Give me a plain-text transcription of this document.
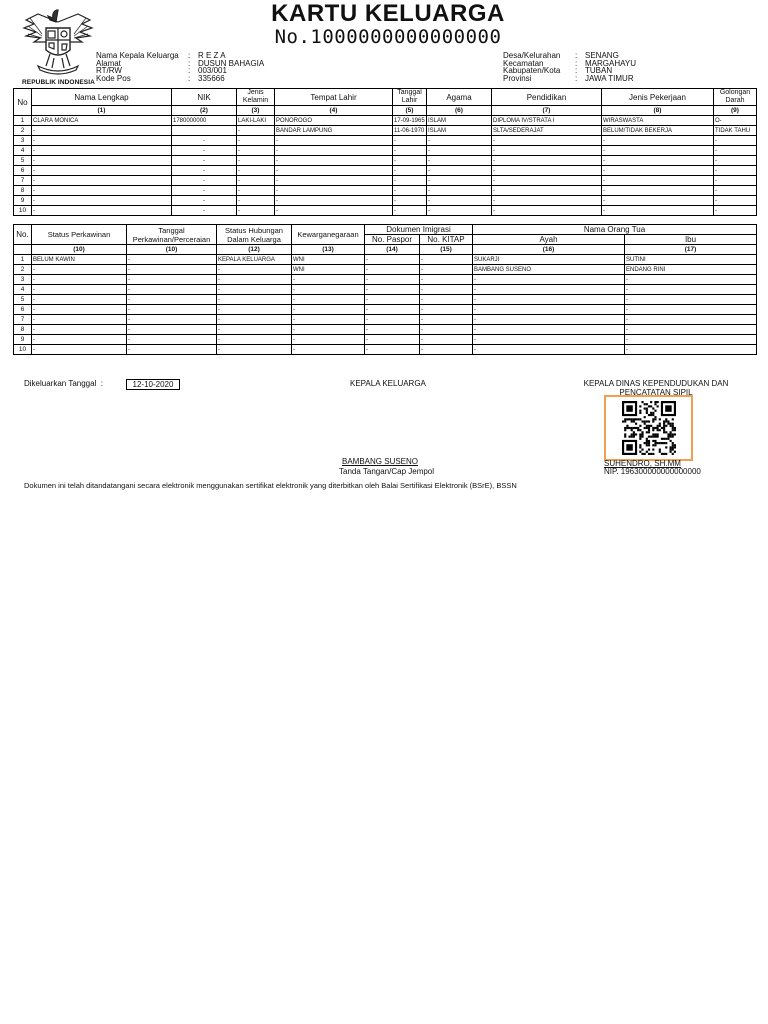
REPUBLIK INDONESIA
KARTU KELUARGA
No.1000000000000000
Nama Kepala Keluarga	: R E Z A
Alamat	: DUSUN BAHAGIA
RT/RW	: 003/001
Kode Pos	: 335666
Desa/Kelurahan	: SENANG
Kecamatan	: MARGAHAYU
Kabupaten/Kota	: TUBAN
Provinsi	: JAWA TIMUR
No	Nama Lengkap	NIK	Jenis Kelamin	Tempat Lahir	Tanggal Lahir	Agama	Pendidikan	Jenis Pekerjaan	Golongan Darah
	(1)	(2)	(3)	(4)	(5)	(6)	(7)	(8)	(9)
1	CLARA MONICA	1780000000	LAKI-LAKI	PONOROGO	17-09-1965	ISLAM	DIPLOMA IV/STRATA I	WIRASWASTA	O-
2	-		-	BANDAR LAMPUNG	11-06-1970	ISLAM	SLTA/SEDERAJAT	BELUM/TIDAK BEKERJA	TIDAK TAHU
3	-	-	-	-	-	-	-	-	-
4	-	-	-	-	-	-	-	-	-
5	-	-	-	-	-	-	-	-	-
6	-	-	-	-	-	-	-	-	-
7	-	-	-	-	-	-	-	-	-
8	-	-	-	-	-	-	-	-	-
9	-	-	-	-	-	-	-	-	-
10	-	-	-	-	-	-	-	-	-
No.	Status Perkawinan	Tanggal Perkawinan/Perceraian	Status Hubungan Dalam Keluarga	Kewarganegaraan	Dokumen Imigrasi		Nama Orang Tua	
					No. Paspor	No. KITAP	Ayah	Ibu
	(10)	(10)	(12)	(13)	(14)	(15)	(16)	(17)
1	BELUM KAWIN	-	KEPALA KELUARGA	WNI	-	-	SUKARJI	SUTINI
2	-	-	-	WNI	-	-	BAMBANG SUSENO	ENDANG RINI
3	-	-	-	-	-	-	-	-
4	-	-	-	-	-	-	-	-
5	-	-	-	-	-	-	-	-
6	-	-	-	-	-	-	-	-
7	-	-	-	-	-	-	-	-
8	-	-	-	-	-	-	-	-
9	-	-	-	-	-	-	-	-
10	-	-	-	-	-	-	-	-
Dikeluarkan Tanggal :	12-10-2020	KEPALA KELUARGA	KEPALA DINAS KEPENDUDUKAN DAN
PENCATATAN SIPIL
BAMBANG SUSENO
Tanda Tangan/Cap Jempol
SUHENDRO, SH.MM
NIP. 196300000000000000
Dokumen ini telah ditandatangani secara elektronik menggunakan sertifikat elektronik yang diterbitkan oleh Balai Sertifikasi Elektronik (BSrE), BSSN
